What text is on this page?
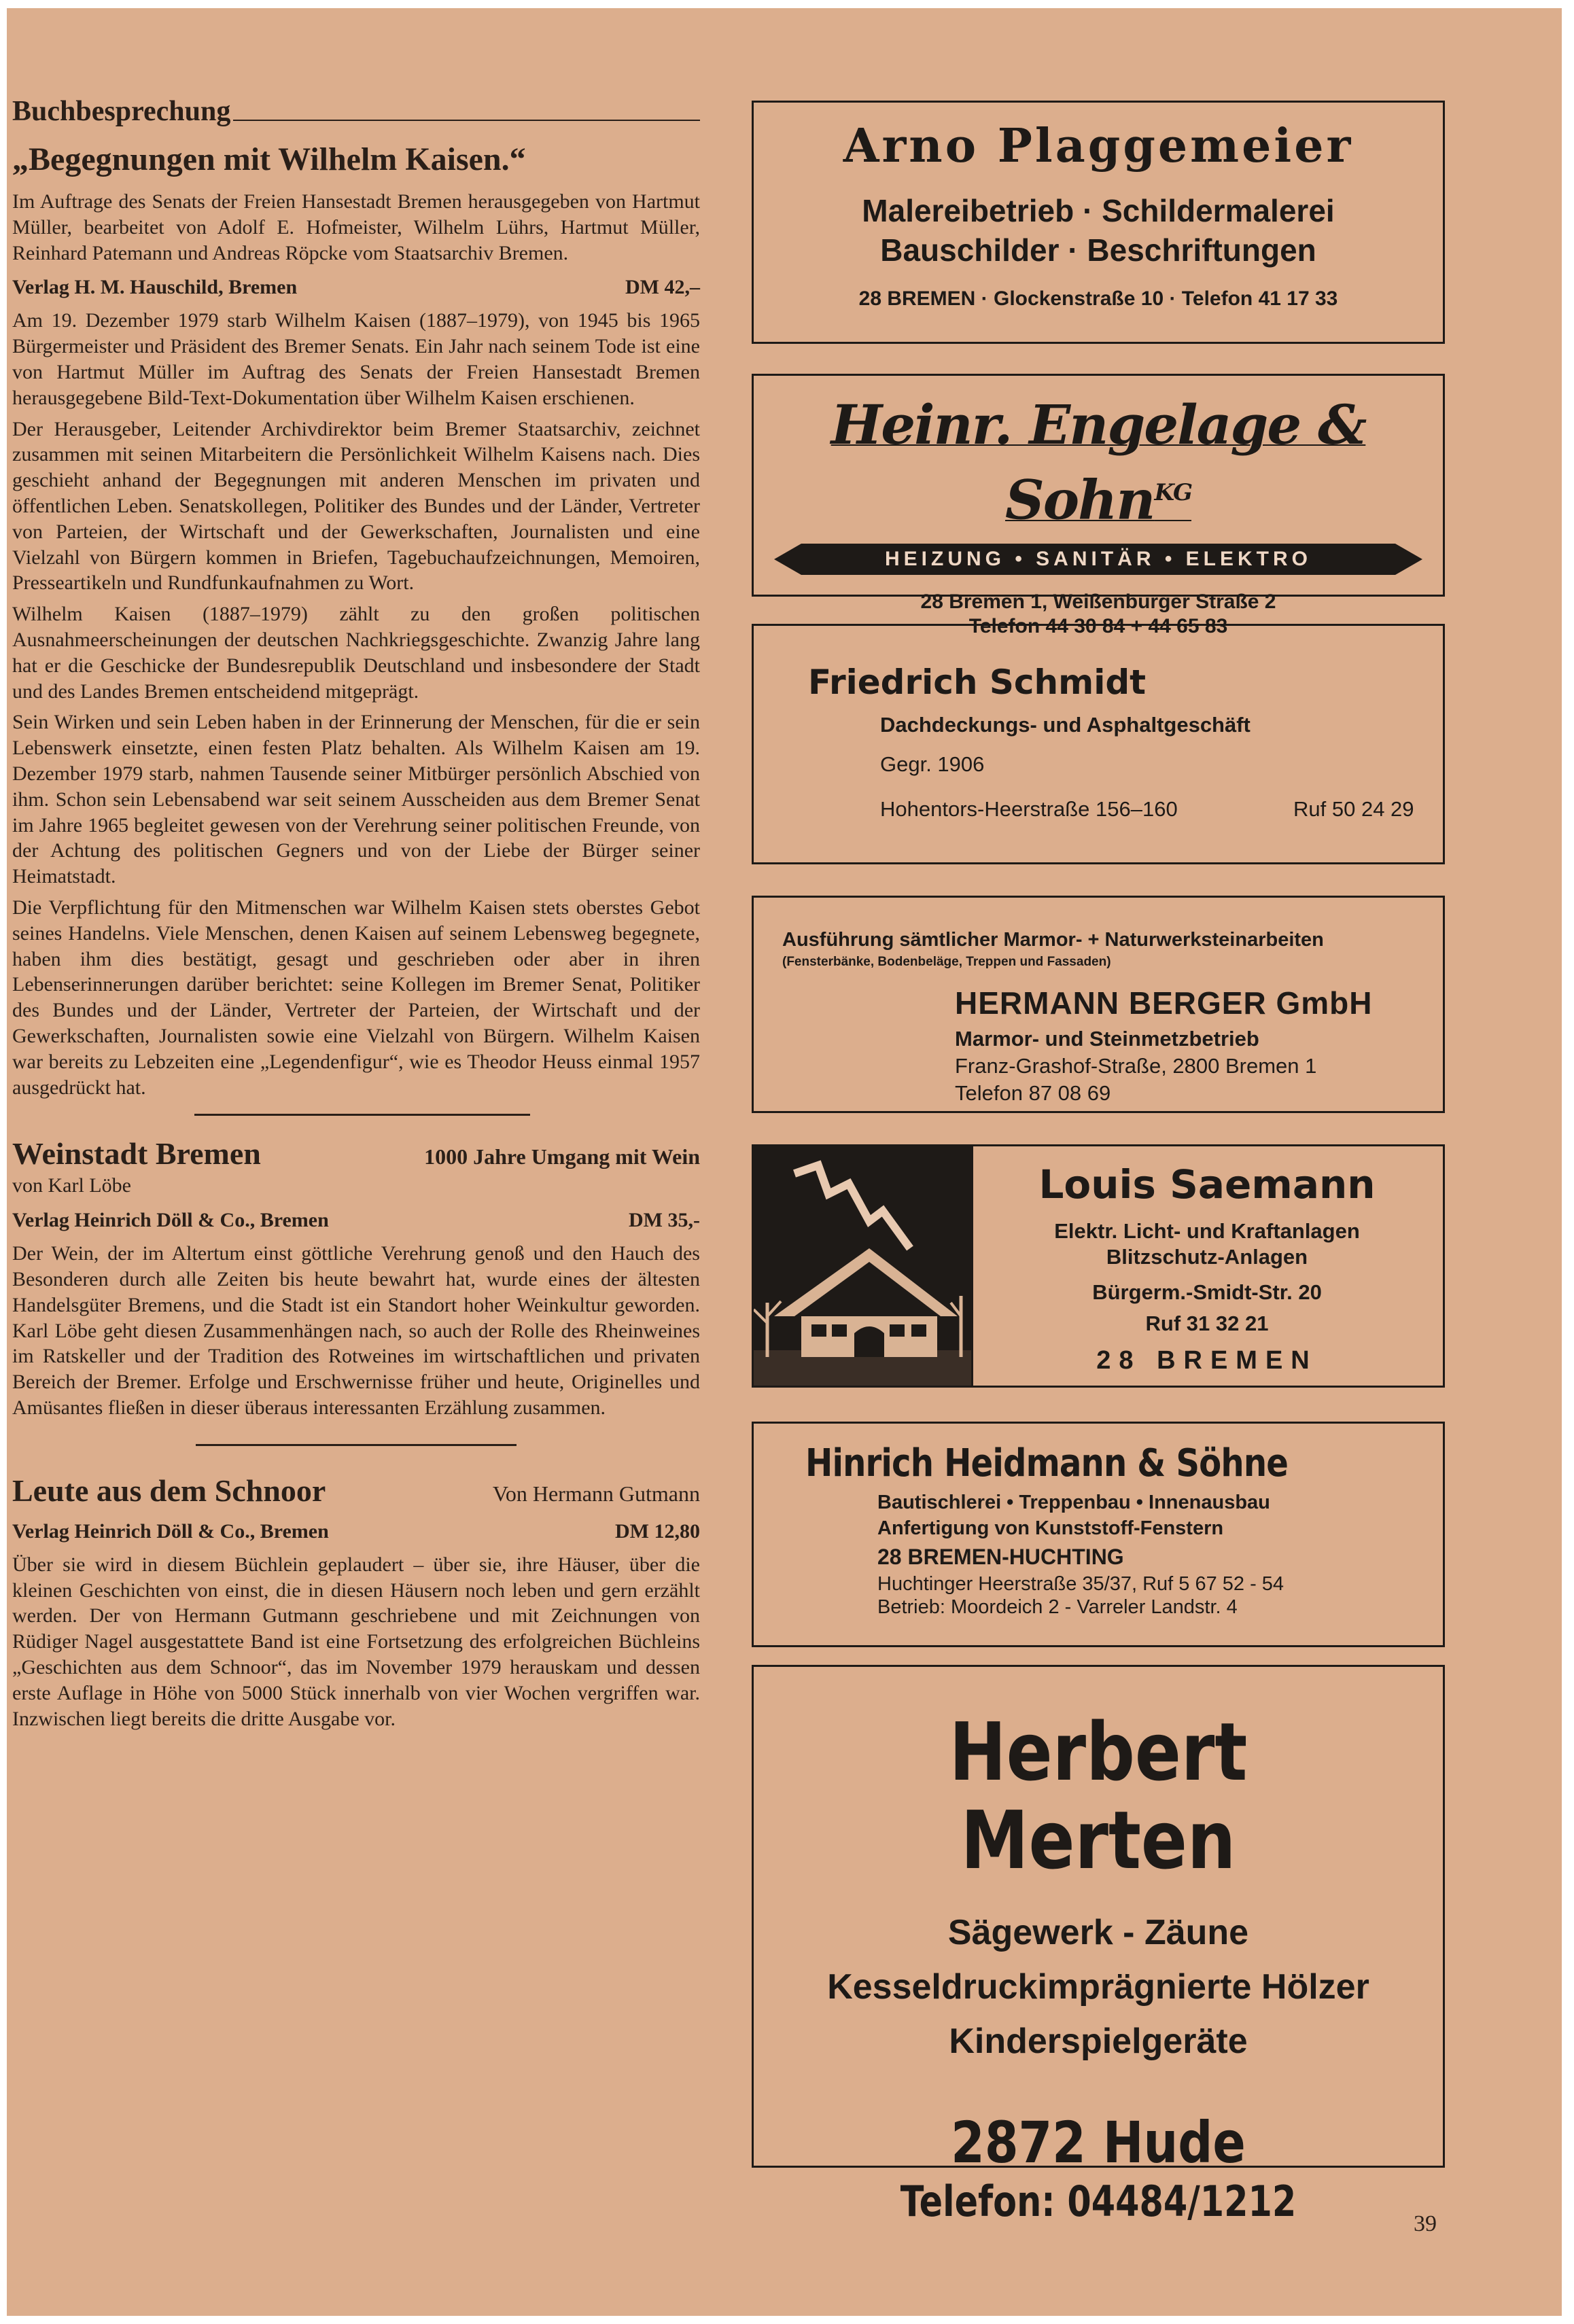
Buchbesprechung
„Begegnungen mit Wilhelm Kaisen.“

Im Auftrage des Senats der Freien Hansestadt Bremen herausgegeben von Hartmut Müller, bearbeitet von Adolf E. Hofmeister, Wilhelm Lührs, Hartmut Müller, Reinhard Patemann und Andreas Röpcke vom Staatsarchiv Bremen.

Verlag H. M. Hauschild, Bremen	DM 42,–

Am 19. Dezember 1979 starb Wilhelm Kaisen (1887–1979), von 1945 bis 1965 Bürgermeister und Präsident des Bremer Senats. Ein Jahr nach seinem Tode ist eine von Hartmut Müller im Auftrag des Senats der Freien Hansestadt Bremen herausgegebene Bild-Text-Dokumentation über Wilhelm Kaisen erschienen.

Der Herausgeber, Leitender Archivdirektor beim Bremer Staatsarchiv, zeichnet zusammen mit seinen Mitarbeitern die Persönlichkeit Wilhelm Kaisens nach. Dies geschieht anhand der Begegnungen mit anderen Menschen im privaten und öffentlichen Leben. Senatskollegen, Politiker des Bundes und der Länder, Vertreter von Parteien, der Wirtschaft und der Gewerkschaften, Journalisten und eine Vielzahl von Bürgern kommen in Briefen, Tagebuchaufzeichnungen, Memoiren, Presseartikeln und Rundfunkaufnahmen zu Wort.

Wilhelm Kaisen (1887–1979) zählt zu den großen politischen Ausnahmeerscheinungen der deutschen Nachkriegsgeschichte. Zwanzig Jahre lang hat er die Geschicke der Bundesrepublik Deutschland und insbesondere der Stadt und des Landes Bremen entscheidend mitgeprägt.

Sein Wirken und sein Leben haben in der Erinnerung der Menschen, für die er sein Lebenswerk einsetzte, einen festen Platz behalten. Als Wilhelm Kaisen am 19. Dezember 1979 starb, nahmen Tausende seiner Mitbürger persönlich Abschied von ihm. Schon sein Lebensabend war seit seinem Ausscheiden aus dem Bremer Senat im Jahre 1965 begleitet gewesen von der Verehrung seiner politischen Freunde, von der Achtung des politischen Gegners und von der Liebe der Bürger seiner Heimatstadt.

Die Verpflichtung für den Mitmenschen war Wilhelm Kaisen stets oberstes Gebot seines Handelns. Viele Menschen, denen Kaisen auf seinem Lebensweg begegnete, haben ihm dies bestätigt, gesagt und geschrieben oder aber in ihren Lebenserinnerungen darüber berichtet: seine Kollegen im Bremer Senat, Politiker des Bundes und der Länder, Vertreter der Parteien, der Wirtschaft und der Gewerkschaften, Journalisten sowie eine Vielzahl von Bürgern. Wilhelm Kaisen war bereits zu Lebzeiten eine „Legendenfigur“, wie es Theodor Heuss einmal 1957 ausgedrückt hat.

Weinstadt Bremen	1000 Jahre Umgang mit Wein
von Karl Löbe
Verlag Heinrich Döll & Co., Bremen	DM 35,-

Der Wein, der im Altertum einst göttliche Verehrung genoß und den Hauch des Besonderen durch alle Zeiten bis heute bewahrt hat, wurde eines der ältesten Handelsgüter Bremens, und die Stadt ist ein Standort hoher Weinkultur geworden. Karl Löbe geht diesen Zusammenhängen nach, so auch der Rolle des Rheinweines im Ratskeller und der Tradition des Rotweines im wirtschaftlichen und privaten Bereich der Bremer. Erfolge und Erschwernisse früher und heute, Originelles und Amüsantes fließen in dieser überaus interessanten Erzählung zusammen.

Leute aus dem Schnoor	Von Hermann Gutmann
Verlag Heinrich Döll & Co., Bremen	DM 12,80

Über sie wird in diesem Büchlein geplaudert – über sie, ihre Häuser, über die kleinen Geschichten von einst, die in diesen Häusern noch leben und gern erzählt werden. Der von Hermann Gutmann geschriebene und mit Zeichnungen von Rüdiger Nagel ausgestattete Band ist eine Fortsetzung des erfolgreichen Büchleins „Geschichten aus dem Schnoor“, das im November 1979 herauskam und dessen erste Auflage in Höhe von 5000 Stück innerhalb von vier Wochen vergriffen war. Inzwischen liegt bereits die dritte Ausgabe vor.

Arno Plaggemeier
Malereibetrieb · Schildermalerei
Bauschilder · Beschriftungen
28 BREMEN · Glockenstraße 10 · Telefon 41 17 33
Heinr. Engelage & Sohn$^{KG}$
HEIZUNG • SANITÄR • ELEKTRO
28 Bremen 1, Weißenburger Straße 2
Telefon 44 30 84 + 44 65 83
Friedrich Schmidt
Dachdeckungs- und Asphaltgeschäft
Gegr. 1906
Hohentors-Heerstraße 156–160	Ruf 50 24 29
Ausführung sämtlicher Marmor- + Naturwerksteinarbeiten
(Fensterbänke, Bodenbeläge, Treppen und Fassaden)
HERMANN BERGER GmbH
Marmor- und Steinmetzbetrieb
Franz-Grashof-Straße, 2800 Bremen 1
Telefon 87 08 69
Louis Saemann
Elektr. Licht- und Kraftanlagen
Blitzschutz-Anlagen
Bürgerm.-Smidt-Str. 20
Ruf 31 32 21
28 BREMEN
Hinrich Heidmann & Söhne
Bautischlerei • Treppenbau • Innenausbau
Anfertigung von Kunststoff-Fenstern
28 BREMEN-HUCHTING
Huchtinger Heerstraße 35/37, Ruf 5 67 52 - 54
Betrieb: Moordeich 2 - Varreler Landstr. 4
Herbert Merten
Sägewerk - Zäune
Kesseldruckimprägnierte Hölzer
Kinderspielgeräte
2872 Hude
Telefon: 04484/1212	39
